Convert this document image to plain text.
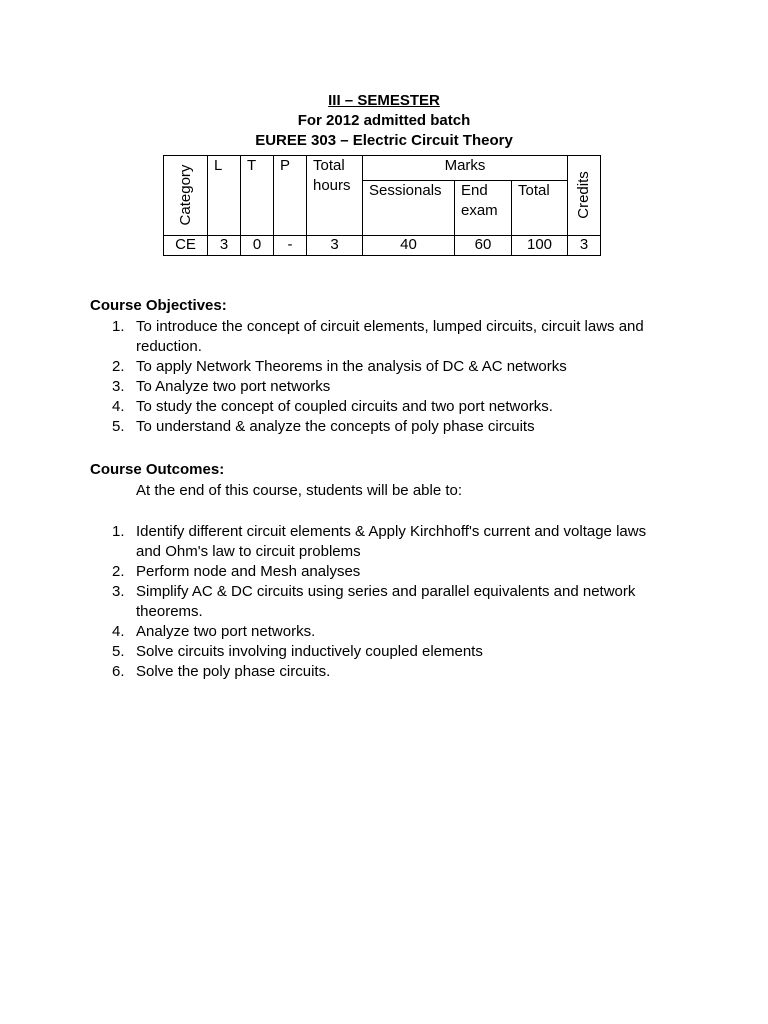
III – SEMESTER
For 2012 admitted batch
EUREE 303 – Electric Circuit Theory
Category	L	T	P	Total hours	Marks			Credits

					Sessionals	End exam	Total	
CE	3	0	-	3	40	60	100	3
Course Objectives:
1. To introduce the concept of circuit elements, lumped circuits, circuit laws and reduction.
2. To apply Network Theorems in the analysis of DC & AC networks
3. To Analyze two port networks
4. To study the concept of coupled circuits and two port networks.
5. To understand & analyze the concepts of poly phase circuits
Course Outcomes:
At the end of this course, students will be able to:
1. Identify different circuit elements & Apply Kirchhoff's current and voltage laws and Ohm's law to circuit problems
2. Perform node and Mesh analyses
3. Simplify AC & DC circuits using series and parallel equivalents and network theorems.
4. Analyze two port networks.
5. Solve circuits involving inductively coupled elements
6. Solve the poly phase circuits.
